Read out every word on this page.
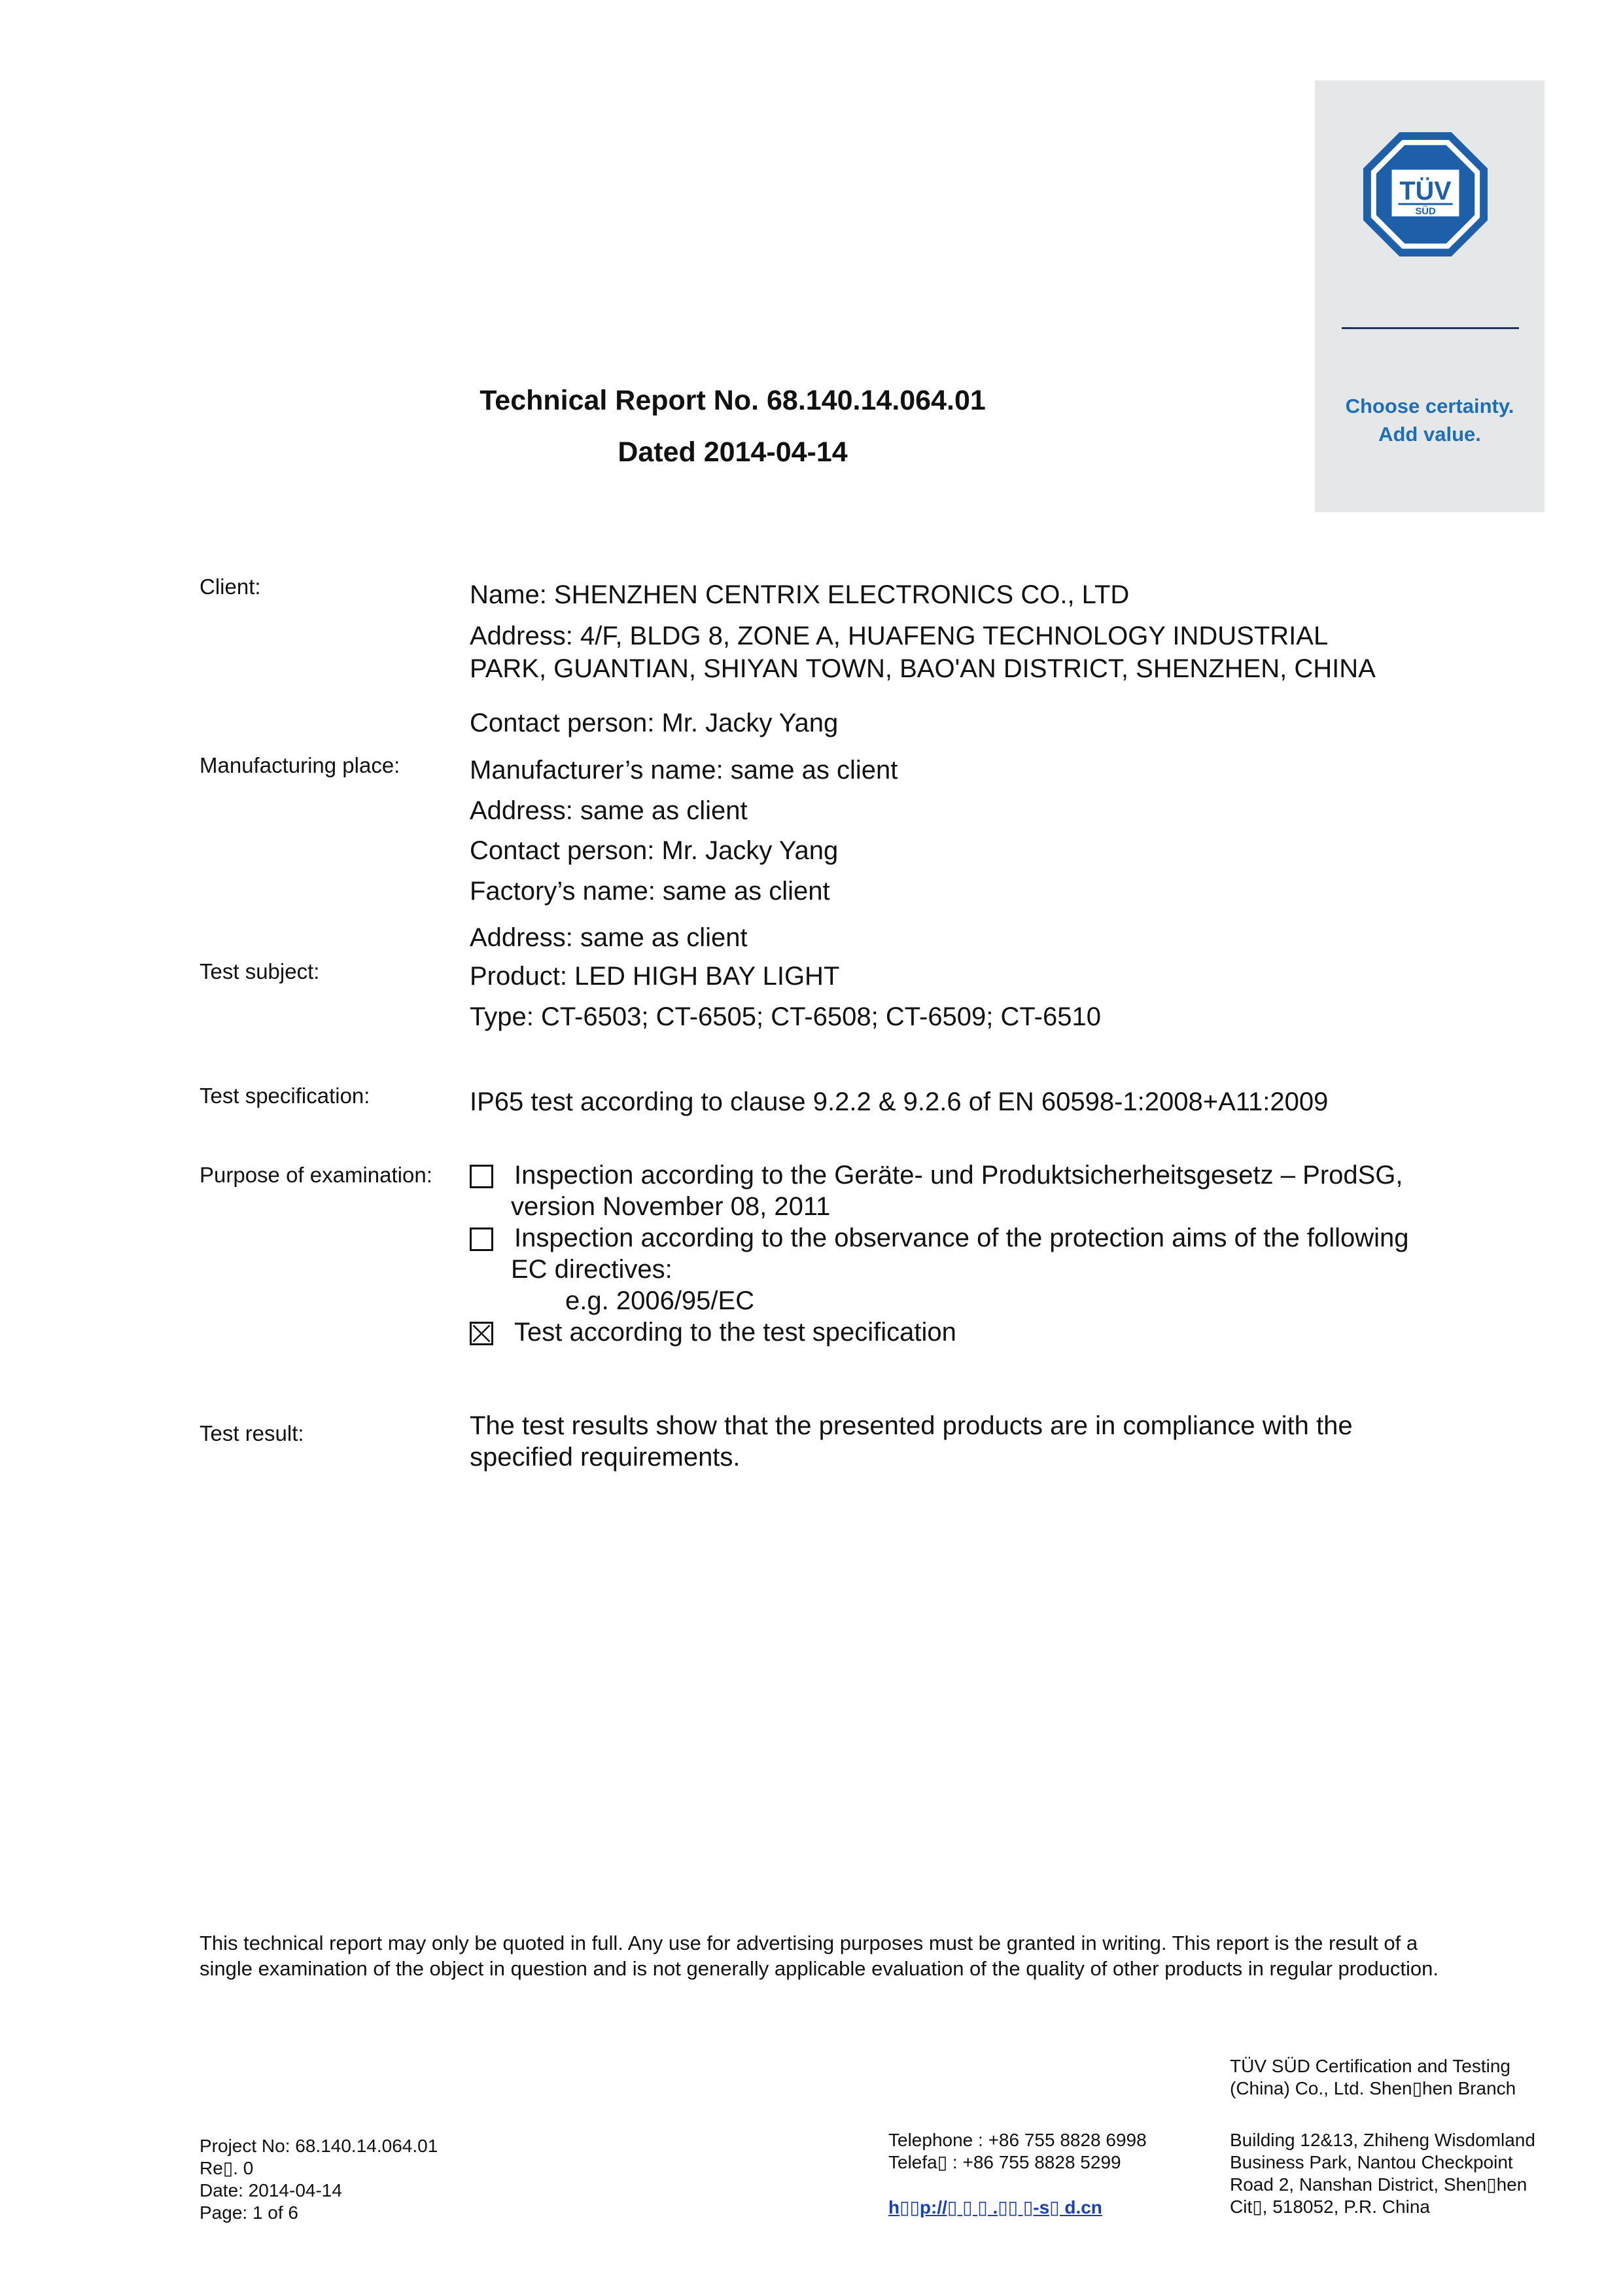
TÜV
SÜD
Choose certainty.
Add value.
Technical Report No. 68.140.14.064.01
Dated 2014-04-14
Client:
Manufacturing place:
Test subject:
Test specification:
Purpose of examination:
Test result:
Name: SHENZHEN CENTRIX ELECTRONICS CO., LTD
Address: 4/F, BLDG 8, ZONE A, HUAFENG TECHNOLOGY INDUSTRIAL
PARK, GUANTIAN, SHIYAN TOWN, BAO'AN DISTRICT, SHENZHEN, CHINA
Contact person: Mr. Jacky Yang
Manufacturer’s name: same as client
Address: same as client
Contact person: Mr. Jacky Yang
Factory’s name: same as client
Address: same as client
Product: LED HIGH BAY LIGHT
Type: CT-6503; CT-6505; CT-6508; CT-6509; CT-6510
IP65 test according to clause 9.2.2 & 9.2.6 of EN 60598-1:2008+A11:2009
Inspection according to the Geräte- und Produktsicherheitsgesetz – ProdSG,
version November 08, 2011
Inspection according to the observance of the protection aims of the following
EC directives:
e.g. 2006/95/EC
Test according to the test specification
The test results show that the presented products are in compliance with the
specified requirements.
This technical report may only be quoted in full. Any use for advertising purposes must be granted in writing. This report is the result of a single examination of the object in question and is not generally applicable evaluation of the quality of other products in regular production.
TÜV SÜD Certification and Testing
(China) Co., Ltd. Shen▯hen Branch
Project No: 68.140.14.064.01
Re▯. 0
Date: 2014-04-14
Page: 1 of 6
Telephone : +86 755 8828 6998
Telefa▯ : +86 755 8828 5299
h▯▯p://▯ ▯ ▯ .▯▯ ▯-s▯ d.cn
Building 12&13, Zhiheng Wisdomland
Business Park, Nantou Checkpoint
Road 2, Nanshan District, Shen▯hen
Cit▯, 518052, P.R. China
